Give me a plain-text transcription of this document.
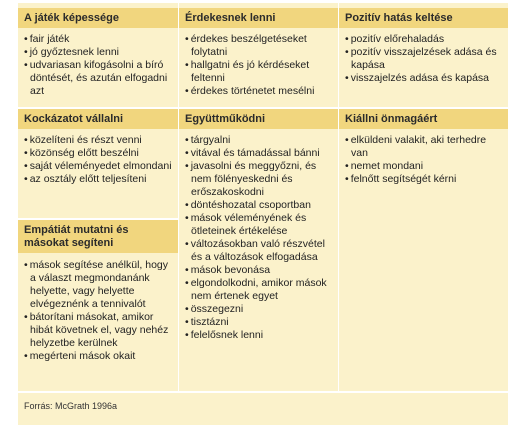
A játék képessége	Érdekesnek lenni	Pozitív hatás keltése
• fair játék
• jó győztesnek lenni
• udvariasan kifogásolni a bíró döntését, és azután elfogadni azt
• érdekes beszélgetéseket folytatni
• hallgatni és jó kérdéseket feltenni
• érdekes történetet mesélni
• pozitív előrehaladás
• pozitív visszajelzések adása és kapása
• visszajelzés adása és kapása
Kockázatot vállalni	Együttműködni	Kiállni önmagáért
• közelíteni és részt venni
• közönség előtt beszélni
• saját véleményedet elmondani
• az osztály előtt teljesíteni
• tárgyalni
• vitával és támadással bánni
• javasolni és meggyőzni, és nem fölényeskedni és erőszakoskodni
• döntéshozatal csoportban
• mások véleményének és ötleteinek értékelése
• változásokban való részvétel és a változások elfogadása
• mások bevonása
• elgondolkodni, amikor mások nem értenek egyet
• összegezni
• tisztázni
• felelősnek lenni
• elküldeni valakit, aki terhedre van
• nemet mondani
• felnőtt segítségét kérni
Empátiát mutatni és másokat segíteni
• mások segítése anélkül, hogy a választ megmondanánk helyette, vagy helyette elvégeznénk a tennivalót
• bátorítani másokat, amikor hibát követnek el, vagy nehéz helyzetbe kerülnek
• megérteni mások okait
Forrás: McGrath 1996a
